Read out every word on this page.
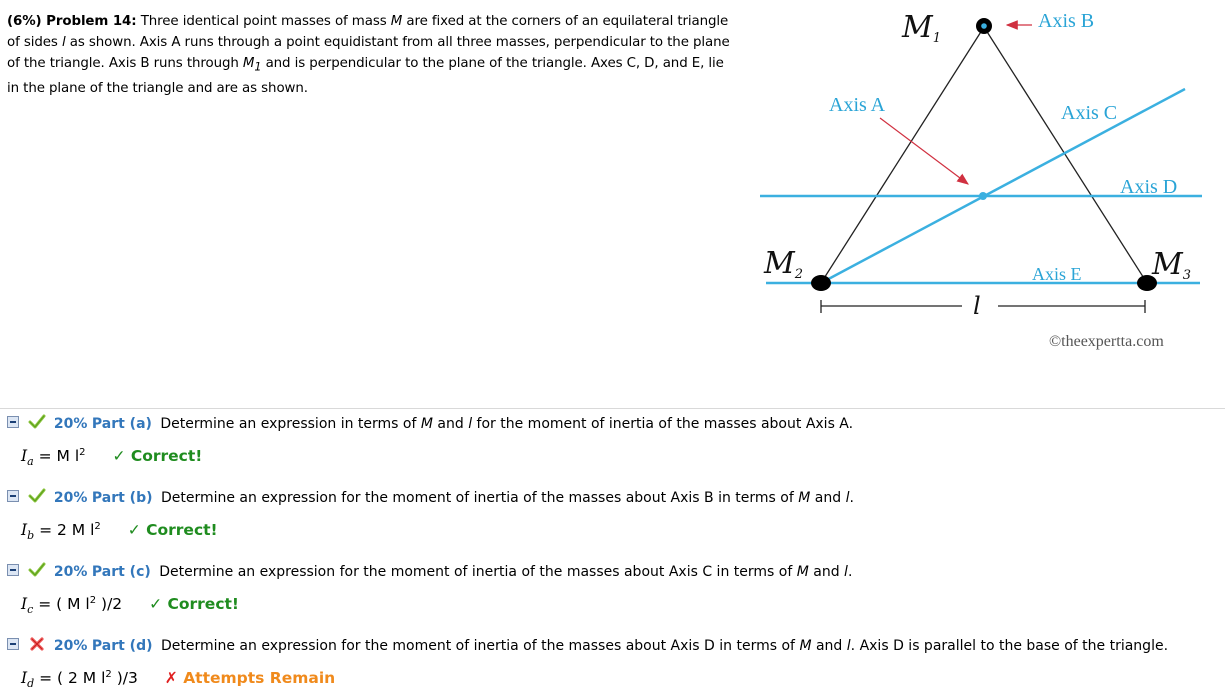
(6%) Problem 14: Three identical point masses of mass M are fixed at the corners of an equilateral triangle of sides l as shown. Axis A runs through a point equidistant from all three masses, perpendicular to the plane of the triangle. Axis B runs through $M_1$ and is perpendicular to the plane of the triangle. Axes C, D, and E, lie in the plane of the triangle and are as shown.
M1
M2	M3
Axis A
Axis B
Axis C
Axis D
Axis E
l
©theexpertta.com
20% Part (a) Determine an expression in terms of M and l for the moment of inertia of the masses about Axis A.
$I_a = M$ $l^2$ ✓ Correct!
20% Part (b) Determine an expression for the moment of inertia of the masses about Axis B in terms of M and l.
$I_b = 2$ M $l^2$ ✓ Correct!
20% Part (c) Determine an expression for the moment of inertia of the masses about Axis C in terms of M and l.
$I_c$ = ( M $l^2$ )/2 ✓ Correct!
20% Part (d) Determine an expression for the moment of inertia of the masses about Axis D in terms of M and l. Axis D is parallel to the base of the triangle.
$I_d$ = ( 2 M $l^2$ )/3 ✗ Attempts Remain
